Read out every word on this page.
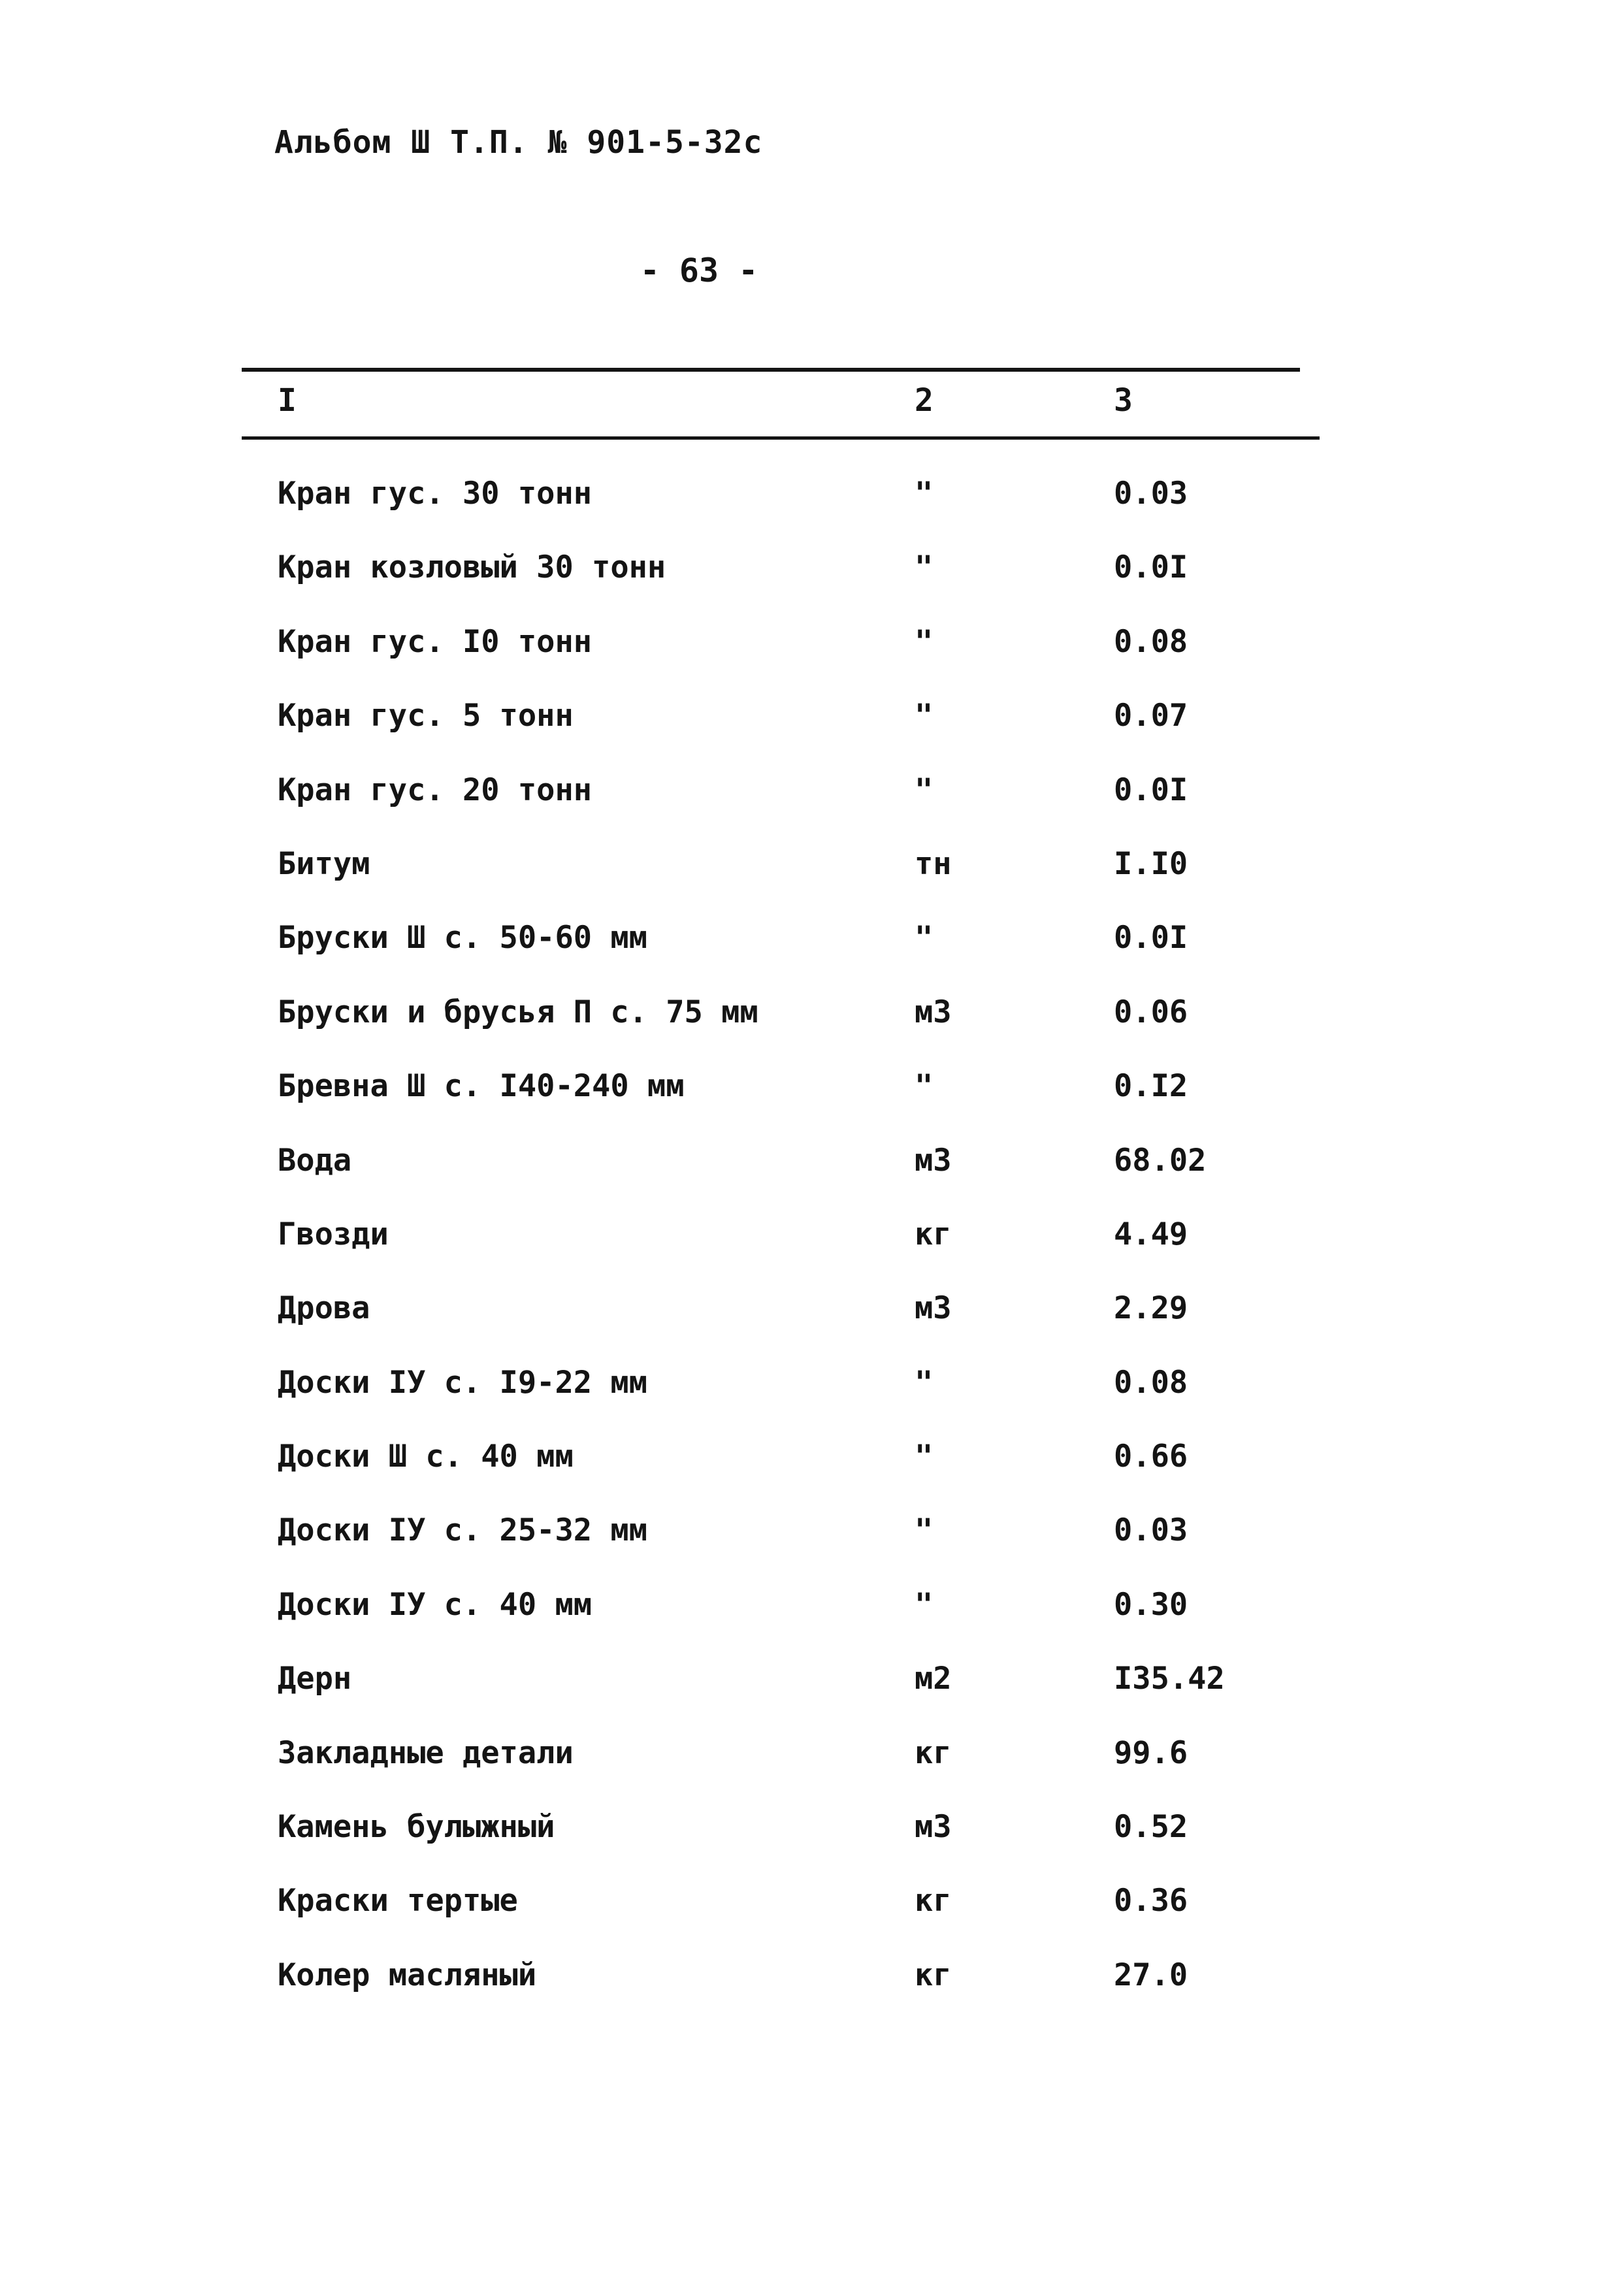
Альбом Ш Т.П. № 901-5-32с
- 63 -
I	2	3
Кран гус. 30 тонн	"	0.03
Кран козловый 30 тонн	"	0.0I
Кран гус. I0 тонн	"	0.08
Кран гус. 5 тонн	"	0.07
Кран гус. 20 тонн	"	0.0I
Битум	тн	I.I0
Бруски Ш с. 50-60 мм	"	0.0I
Бруски и брусья П с. 75 мм	м3	0.06
Бревна Ш с. I40-240 мм	"	0.I2
Вода	м3	68.02
Гвозди	кг	4.49
Дрова	м3	2.29
Доски IУ с. I9-22 мм	"	0.08
Доски Ш с. 40 мм	"	0.66
Доски IУ с. 25-32 мм	"	0.03
Доски IУ с. 40 мм	"	0.30
Дерн	м2	I35.42
Закладные детали	кг	99.6
Камень булыжный	м3	0.52
Краски тертые	кг	0.36
Колер масляный	кг	27.0
